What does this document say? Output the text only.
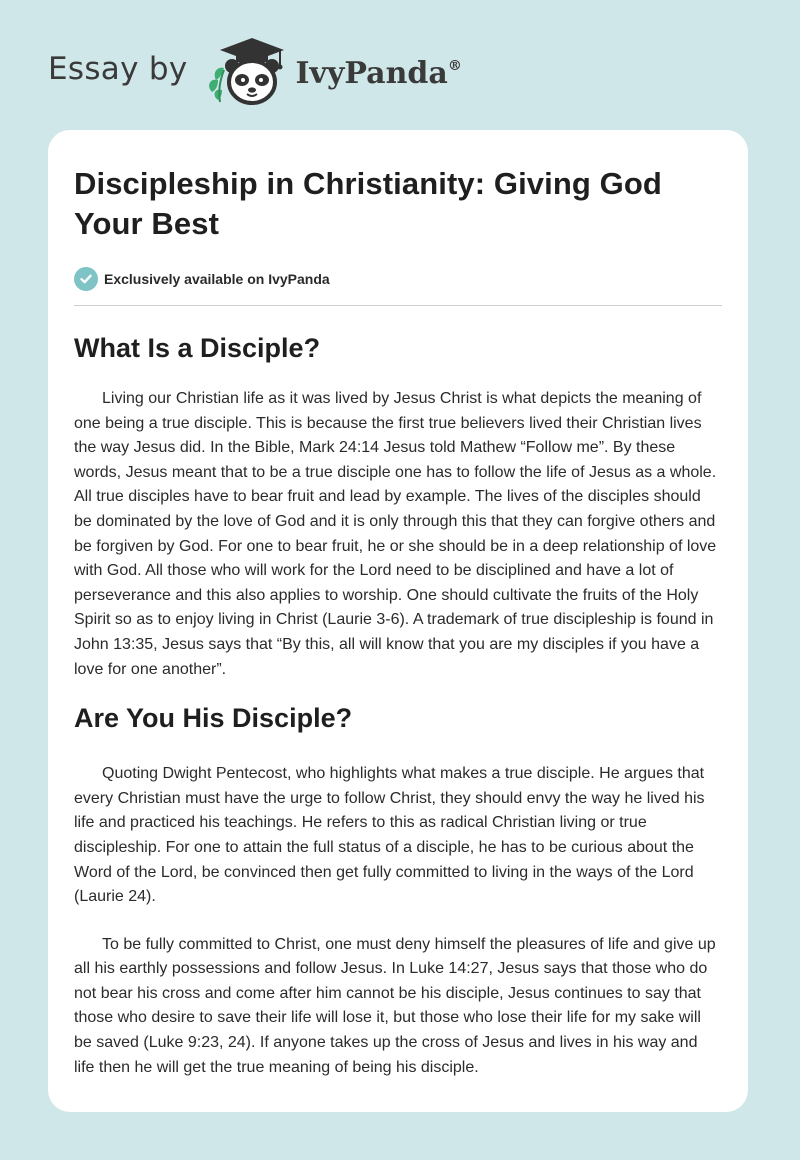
Essay by	IvyPanda®
Discipleship in Christianity: Giving God Your Best
Exclusively available on IvyPanda
What Is a Disciple?

Living our Christian life as it was lived by Jesus Christ is what depicts the meaning of one being a true disciple. This is because the first true believers lived their Christian lives the way Jesus did. In the Bible, Mark 24:14 Jesus told Mathew “Follow me”. By these words, Jesus meant that to be a true disciple one has to follow the life of Jesus as a whole. All true disciples have to bear fruit and lead by example. The lives of the disciples should be dominated by the love of God and it is only through this that they can forgive others and be forgiven by God. For one to bear fruit, he or she should be in a deep relationship of love with God. All those who will work for the Lord need to be disciplined and have a lot of perseverance and this also applies to worship. One should cultivate the fruits of the Holy Spirit so as to enjoy living in Christ (Laurie 3-6). A trademark of true discipleship is found in John 13:35, Jesus says that “By this, all will know that you are my disciples if you have a love for one another”.

Are You His Disciple?

Quoting Dwight Pentecost, who highlights what makes a true disciple. He argues that every Christian must have the urge to follow Christ, they should envy the way he lived his life and practiced his teachings. He refers to this as radical Christian living or true discipleship. For one to attain the full status of a disciple, he has to be curious about the Word of the Lord, be convinced then get fully committed to living in the ways of the Lord (Laurie 24).

To be fully committed to Christ, one must deny himself the pleasures of life and give up all his earthly possessions and follow Jesus. In Luke 14:27, Jesus says that those who do not bear his cross and come after him cannot be his disciple, Jesus continues to say that those who desire to save their life will lose it, but those who lose their life for my sake will be saved (Luke 9:23, 24). If anyone takes up the cross of Jesus and lives in his way and life then he will get the true meaning of being his disciple.
